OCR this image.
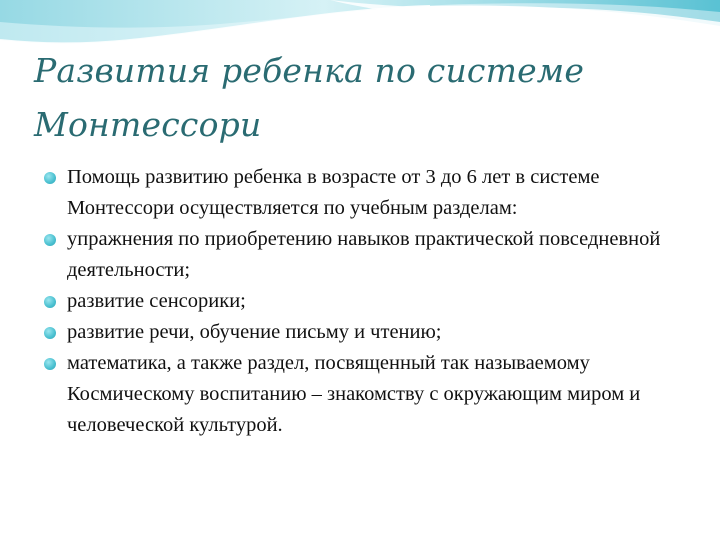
Развития ребенка по системе
Монтессори
Помощь развитию ребенка в возрасте от 3 до 6 лет в системе Монтессори осуществляется по учебным разделам:
упражнения по приобретению навыков практической повседневной деятельности;
развитие сенсорики;
развитие речи, обучение письму и чтению;
математика, а также раздел, посвященный так называемому Космическому воспитанию – знакомству с окружающим миром и человеческой культурой.
